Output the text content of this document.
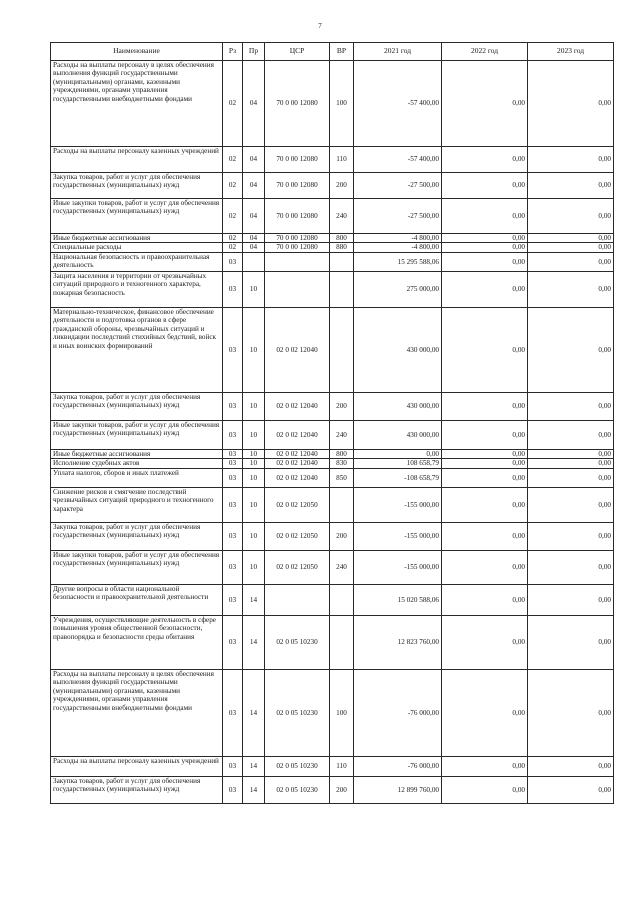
7
Наименование	Рз	Пр	ЦСР	ВР	2021 год	2022 год	2023 год
Расходы на выплаты персоналу в целях обеспечения выполнения функций государственными (муниципальными) органами, казенными учреждениями, органами управления государственными внебюджетными фондами	02	04	70 0 00 12080	100	-57 400,00	0,00	0,00
Расходы на выплаты персоналу казенных учреждений	02	04	70 0 00 12080	110	-57 400,00	0,00	0,00
Закупка товаров, работ и услуг для обеспечения государственных (муниципальных) нужд	02	04	70 0 00 12080	200	-27 500,00	0,00	0,00
Иные закупки товаров, работ и услуг для обеспечения государственных (муниципальных) нужд	02	04	70 0 00 12080	240	-27 500,00	0,00	0,00
Иные бюджетные ассигнования	02	04	70 0 00 12080	800	-4 800,00	0,00	0,00
Специальные расходы	02	04	70 0 00 12080	880	-4 800,00	0,00	0,00
Национальная безопасность и правоохранительная деятельность	03				15 295 588,06	0,00	0,00
Защита населения и территории от чрезвычайных ситуаций природного и техногенного характера, пожарная безопасность	03	10			275 000,00	0,00	0,00
Материально-техническое, финансовое обеспечение деятельности и подготовка органов в сфере гражданской обороны, чрезвычайных ситуаций и ликвидации последствий стихийных бедствий, войск и иных воинских формирований	03	10	02 0 02 12040		430 000,00	0,00	0,00
Закупка товаров, работ и услуг для обеспечения государственных (муниципальных) нужд	03	10	02 0 02 12040	200	430 000,00	0,00	0,00
Иные закупки товаров, работ и услуг для обеспечения государственных (муниципальных) нужд	03	10	02 0 02 12040	240	430 000,00	0,00	0,00
Иные бюджетные ассигнования	03	10	02 0 02 12040	800	0,00	0,00	0,00
Исполнение судебных актов	03	10	02 0 02 12040	830	108 658,79	0,00	0,00
Уплата налогов, сборов и иных платежей	03	10	02 0 02 12040	850	-108 658,79	0,00	0,00
Снижение рисков и смягчение последствий чрезвычайных ситуаций природного и техногенного характера	03	10	02 0 02 12050		-155 000,00	0,00	0,00
Закупка товаров, работ и услуг для обеспечения государственных (муниципальных) нужд	03	10	02 0 02 12050	200	-155 000,00	0,00	0,00
Иные закупки товаров, работ и услуг для обеспечения государственных (муниципальных) нужд	03	10	02 0 02 12050	240	-155 000,00	0,00	0,00
Другие вопросы в области национальной безопасности и правоохранительной деятельности	03	14			15 020 588,06	0,00	0,00
Учреждения, осуществляющие деятельность в сфере повышения уровня общественной безопасности, правопорядка и безопасности среды обитания	03	14	02 0 05 10230		12 823 760,00	0,00	0,00
Расходы на выплаты персоналу в целях обеспечения выполнения функций государственными (муниципальными) органами, казенными учреждениями, органами управления государственными внебюджетными фондами	03	14	02 0 05 10230	100	-76 000,00	0,00	0,00
Расходы на выплаты персоналу казенных учреждений	03	14	02 0 05 10230	110	-76 000,00	0,00	0,00
Закупка товаров, работ и услуг для обеспечения государственных (муниципальных) нужд	03	14	02 0 05 10230	200	12 899 760,00	0,00	0,00
